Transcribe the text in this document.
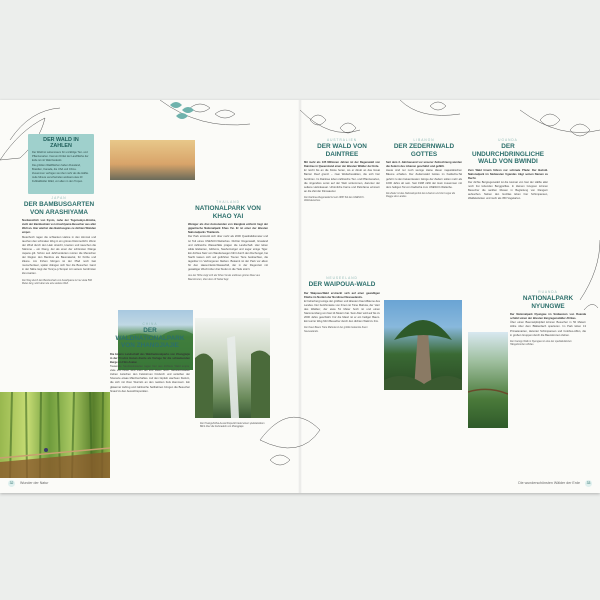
DER WALD IN ZAHLEN

Der Wald ist Lebensraum für unzählige Tier- und Pflanzenarten. Fast ein Drittel der Landfläche der Erde ist mit Wald bedeckt.

Die größten Waldflächen haben Russland, Brasilien, Kanada, die USA und China. Zusammen verfügen sie über mehr als die Hälfte.

Jede Minute verschwinden weltweit etwa 20 Fußballfelder Wald, vor allem in den Tropen.

JAPAN

DER BAMBUSGARTEN VON ARASHIYAMA

Nordwestlich von Kyoto, nahe der Togetsukyo-Brücke, zieht der Bambushain von Arashiyama Besucher aus aller Welt an. Hier wächst das Bambusgras zu dichten Wänden empor.

Meterhoch ragen die schlanken Halme in den Himmel und tauchen den schmalen Weg in ein grünes Dämmerlicht. Wenn der Wind durch den Hain streicht, knarren und rauschen die Stämme – ein Klang, der als einer der schönsten Klänge Japans gilt. Schon seit Jahrhunderten nutzen die Menschen der Region den Bambus als Baumaterial, für Körbe und Zäune. Am frühen Morgen ist der Pfad noch fast menschenleer, später drängen sich hier die Besucher. Ganz in der Nähe liegt der Tenryu-ji-Tempel mit seinem berühmten Zen-Garten.

Der Weg durch den Bambushain von Arashiyama ist nur etwa 500 Meter lang, wirkt aber wie eine andere Welt.

THAILAND

NATIONALPARK VON KHAO YAI

Weniger als drei Autostunden von Bangkok entfernt liegt der gigantische Nationalpark Khao Yai. Er ist einer der ältesten Nationalparks Thailands.

Der Park erstreckt sich über mehr als 2000 Quadratkilometer und ist Teil eines UNESCO-Welterbes. Dichter Regenwald, Grasland und zahlreiche Wasserfälle prägen die Landschaft. Hier leben wilde Elefanten, Gibbons, Nashornvögel und sogar einige Tiger. Ein dichtes Netz von Wanderwegen führt durch den Dschungel, bei Nacht lassen sich auf geführten Touren Tiere beobachten, die tagsüber im Verborgenen bleiben. Bekannt ist der Park vor allem für den Haew-Narok-Wasserfall, der in der Regenzeit mit gewaltiger Wucht über drei Stufen in die Tiefe stürzt.

Aus der Höhe zeigt sich der Khao Yai als endloses grünes Meer aus Baumkronen, über dem oft Nebel liegt.

CHINA

DER WALDNATIONALPARK VON ZHANGJIAJIE

Die bizarre Landschaft des Waldnationalparks von Zhangjiajie in der Provinz Hunan diente als Vorlage für die schwebenden Berge im Film Avatar.

Tausende Sandsteinsäulen ragen hier aus dichtem Wald empor, viele von ihnen sind mehr als 200 Meter hoch. Nebelschwaden ziehen zwischen den Felstürmen hindurch und verleihen der Szenerie etwas Märchenhaftes. Auf den Gipfeln wachsen Kiefern, die sich mit ihren Wurzeln an den nackten Fels klammern. Ein gläserner Aufzug und zahlreiche Seilbahnen bringen die Besucher hinauf zu den Aussichtspunkten.

Der Huangshizhai-Aussichtspunkt bietet einen spektakulären Blick über die Felsnadeln von Zhangjiajie.

32 Wunder der Natur

AUSTRALIEN

DER WALD VON DAINTREE

Mit mehr als 135 Millionen Jahren ist der Regenwald von Daintree in Queensland einer der ältesten Wälder der Erde.

Er reicht bis an die Küste heran, wo er direkt an das Great Barrier Reef grenzt – zwei Welterbestätten, die sich hier berühren. Im Daintree leben zahlreiche Tier- und Pflanzenarten, die nirgendwo sonst auf der Welt vorkommen, darunter der seltene Helmkasuar. Urtümliche Farne und Palmfarne erinnern an die Zeit der Dinosaurier.

Der Daintree-Regenwald ist seit 1988 Teil des UNESCO-Weltnaturerbes.

NEUSEELAND

DER WAIPOUA-WALD

Der Waipoua-Wald erstreckt sich auf einer gewaltigen Fläche im Norden der Nordinsel Neuseelands.

Er beherbergt einige der größten und ältesten Kauri-Bäume des Landes. Der berühmteste von ihnen ist Tāne Mahuta, der 'Herr des Waldes', der etwa 51 Meter hoch ist und einen Stammumfang von fast 14 Metern hat. Sein Alter wird auf bis zu 2000 Jahre geschätzt. Für die Maori ist er ein heiliger Baum. Ein kurzer Weg führt Besucher durch den dichten Wald zu ihm.

Der Kauri-Baum Tāne Mahuta ist der größte bekannte Kauri Neuseelands.

LIBANON

DER ZEDERNWALD GOTTES

Seit dem 3. Jahrtausend vor unserer Zeitrechnung wurden die Zedern des Libanon geschätzt und gefällt.

Heute sind nur noch wenige Haine dieser majestätischen Bäume erhalten. Der Zedernwald Gottes im Kadischa-Tal gehört zu den bekanntesten: Einige der Zedern sollen mehr als 1000 Jahre alt sein. Seit 1998 zählt der Hain zusammen mit dem heiligen Tal von Kadischa zum UNESCO-Welterbe.

Die Zeder ist das Nationalsymbol des Libanon und ziert sogar die Flagge des Landes.

UGANDA

DER UNDURCHDRINGLICHE WALD VON BWINDI

Zum Wald hinein führen nur schmale Pfade: Der Bwindi-Nationalpark im Südwesten Ugandas trägt seinen Namen zu Recht.

Der dichte Bergregenwald ist die Heimat von fast der Hälfte aller noch frei lebenden Berggorillas. In kleinen Gruppen können Besucher die sanften Riesen in Begleitung von Rangern aufsuchen. Neben den Gorillas leben hier Schimpansen, Waldelefanten und mehr als 350 Vogelarten.

RUANDA

NATIONALPARK NYUNGWE

Der Nationalpark Nyungwe im Südwesten von Ruanda schützt einen der ältesten Bergregenwälder Afrikas.

Über einen Baumwipfelpfad können Besucher in 50 Metern Höhe über dem Blätterdach spazieren. Im Park leben 13 Primatenarten, darunter Schimpansen und Colobus-Affen, die in großen Gruppen durch die Baumkronen ziehen.

Der Canopy Walk in Nyungwe ist eine der spektakulärsten Hängebrücken Afrikas.

Die wunderschönsten Wälder der Erde 33
